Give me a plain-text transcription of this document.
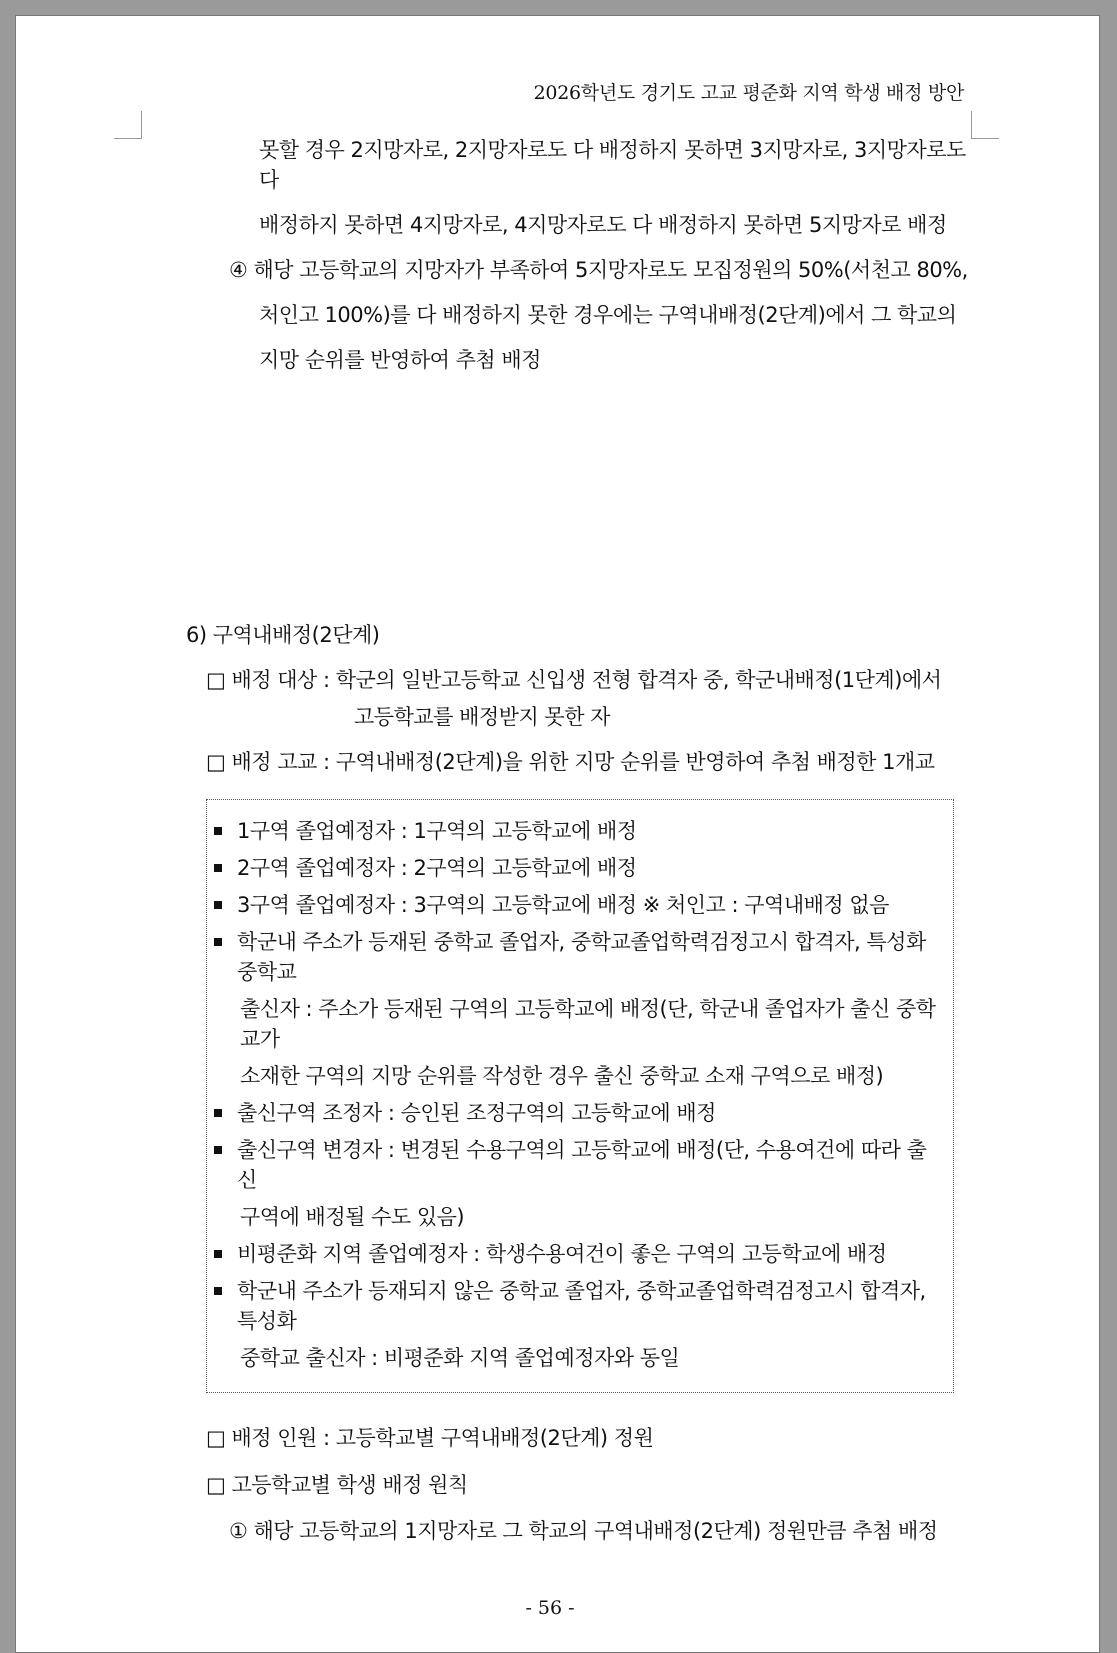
2026학년도 경기도 고교 평준화 지역 학생 배정 방안
못할 경우 2지망자로, 2지망자로도 다 배정하지 못하면 3지망자로, 3지망자로도 다
배정하지 못하면 4지망자로, 4지망자로도 다 배정하지 못하면 5지망자로 배정
④ 해당 고등학교의 지망자가 부족하여 5지망자로도 모집정원의 50%(서천고 80%,
처인고 100%)를 다 배정하지 못한 경우에는 구역내배정(2단계)에서 그 학교의
지망 순위를 반영하여 추첨 배정
6) 구역내배정(2단계)
□ 배정 대상 : 학군의 일반고등학교 신입생 전형 합격자 중, 학군내배정(1단계)에서
고등학교를 배정받지 못한 자
□ 배정 고교 : 구역내배정(2단계)을 위한 지망 순위를 반영하여 추첨 배정한 1개교
1구역 졸업예정자 : 1구역의 고등학교에 배정
2구역 졸업예정자 : 2구역의 고등학교에 배정
3구역 졸업예정자 : 3구역의 고등학교에 배정 ※ 처인고 : 구역내배정 없음
학군내 주소가 등재된 중학교 졸업자, 중학교졸업학력검정고시 합격자, 특성화중학교
출신자 : 주소가 등재된 구역의 고등학교에 배정(단, 학군내 졸업자가 출신 중학교가
소재한 구역의 지망 순위를 작성한 경우 출신 중학교 소재 구역으로 배정)
출신구역 조정자 : 승인된 조정구역의 고등학교에 배정
출신구역 변경자 : 변경된 수용구역의 고등학교에 배정(단, 수용여건에 따라 출신
구역에 배정될 수도 있음)
비평준화 지역 졸업예정자 : 학생수용여건이 좋은 구역의 고등학교에 배정
학군내 주소가 등재되지 않은 중학교 졸업자, 중학교졸업학력검정고시 합격자, 특성화
중학교 출신자 : 비평준화 지역 졸업예정자와 동일
□ 배정 인원 : 고등학교별 구역내배정(2단계) 정원
□ 고등학교별 학생 배정 원칙
① 해당 고등학교의 1지망자로 그 학교의 구역내배정(2단계) 정원만큼 추첨 배정
- 56 -
